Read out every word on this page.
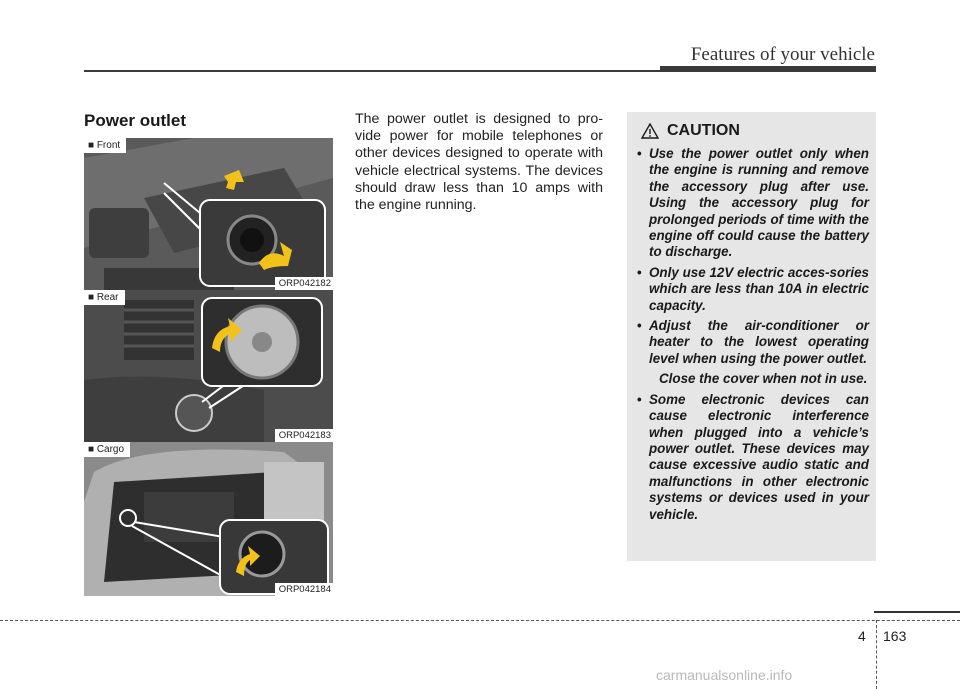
Features of your vehicle
Power outlet
■ Front
ORP042182
■ Rear
ORP042183
■ Cargo
ORP042184
The power outlet is designed to pro-vide power for mobile telephones or other devices designed to operate with vehicle electrical systems. The devices should draw less than 10 amps with the engine running.
CAUTION
• Use the power outlet only when the engine is running and remove the accessory plug after use. Using the accessory plug for prolonged periods of time with the engine off could cause the battery to discharge.
• Only use 12V electric acces-sories which are less than 10A in electric capacity.
• Adjust the air-conditioner or heater to the lowest operating level when using the power outlet.
Close the cover when not in use.
• Some electronic devices can cause electronic interference when plugged into a vehicle’s power outlet. These devices may cause excessive audio static and malfunctions in other electronic systems or devices used in your vehicle.
4 163
carmanualsonline.info
